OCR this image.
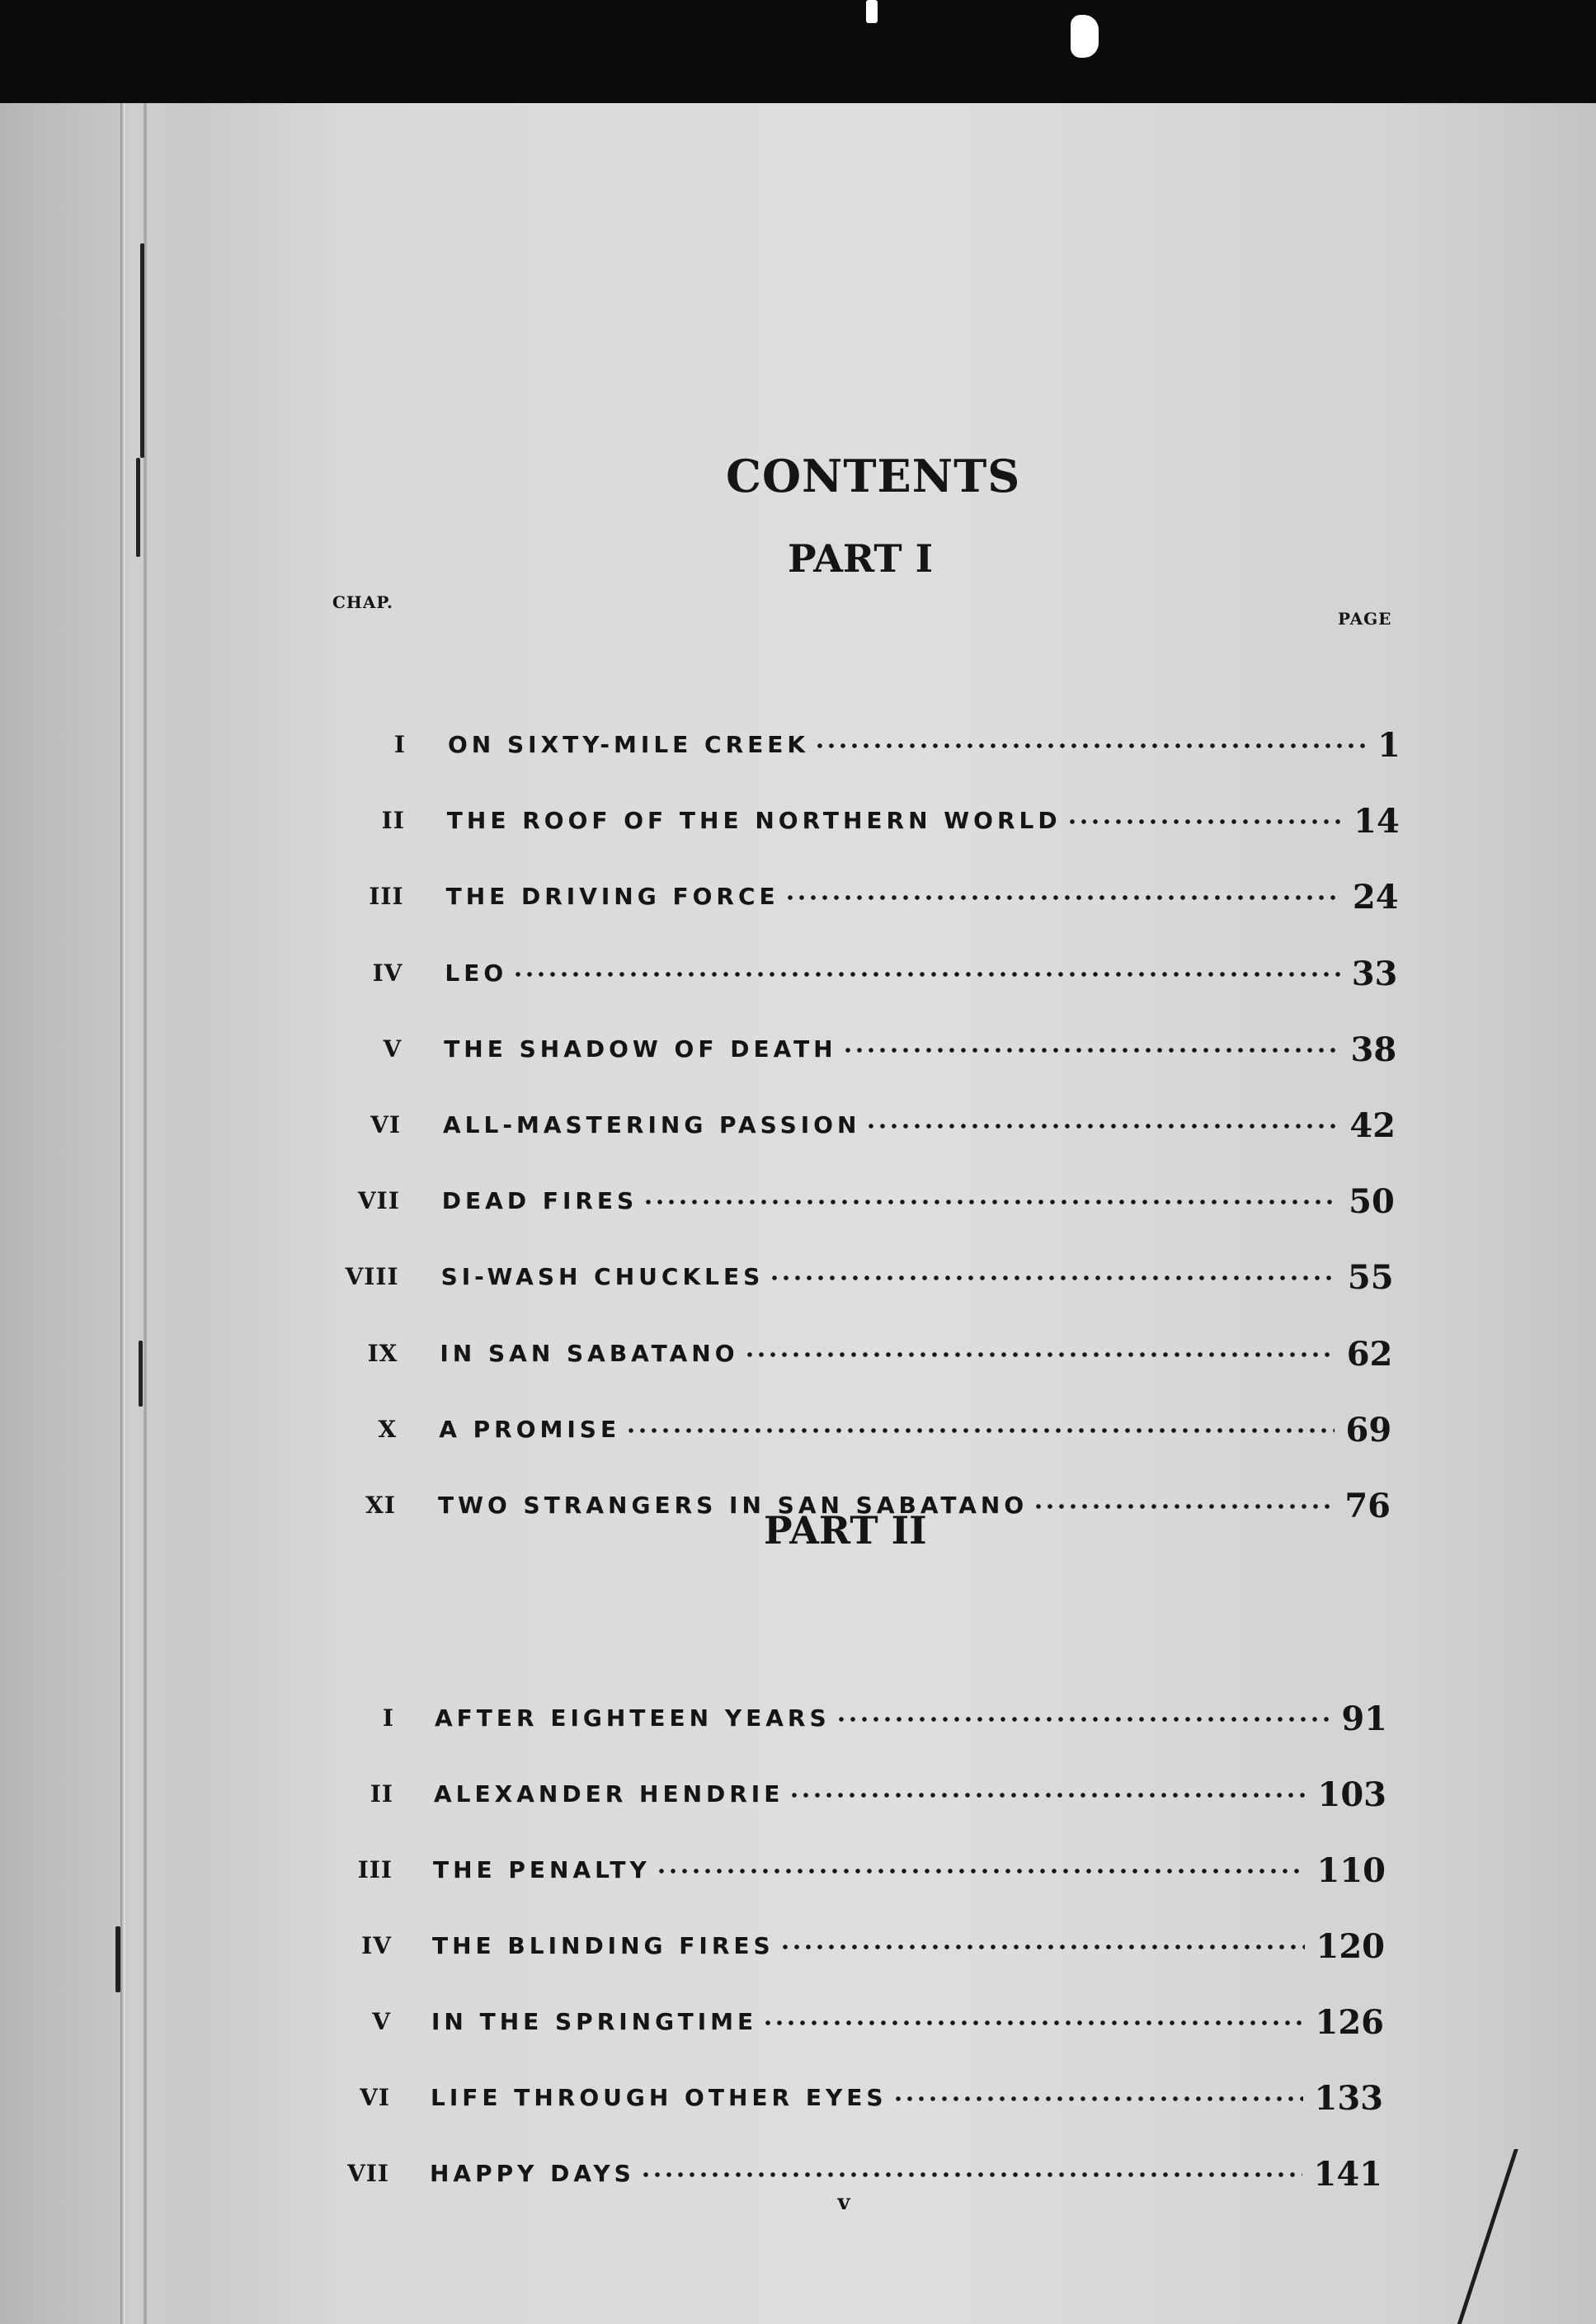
CONTENTS
PART I
CHAP.
PAGE
I ON SIXTY-MILE CREEK	1
II THE ROOF OF THE NORTHERN WORLD	14
III THE DRIVING FORCE	24
IV LEO	33
V THE SHADOW OF DEATH	38
VI ALL-MASTERING PASSION	42
VII DEAD FIRES	50
VIII SI-WASH CHUCKLES	55
IX IN SAN SABATANO	62
X A PROMISE	69
XI TWO STRANGERS IN SAN SABATANO	76
PART II
I AFTER EIGHTEEN YEARS	91
II ALEXANDER HENDRIE	103
III THE PENALTY	110
IV THE BLINDING FIRES	120
V IN THE SPRINGTIME	126
VI LIFE THROUGH OTHER EYES	133
VII HAPPY DAYS	141
v
